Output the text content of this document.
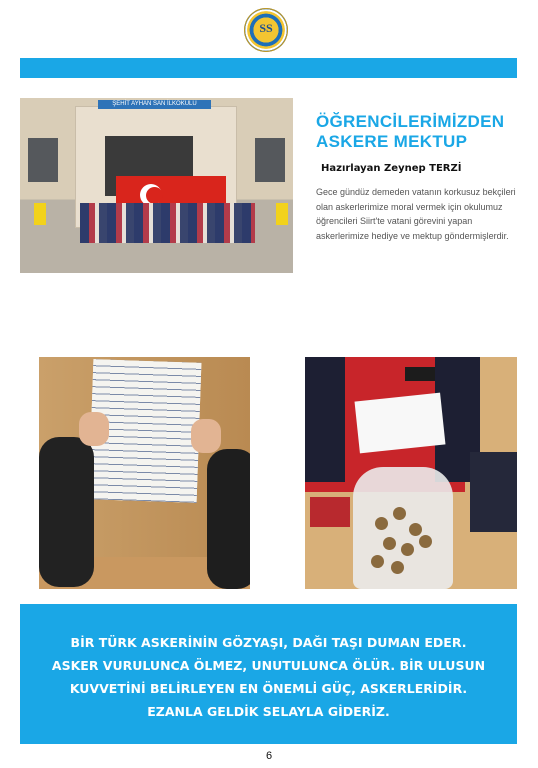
SS
ŞEHİT AYHAN SAN İLKOKULU
ÖĞRENCİLERİMİZDEN
ASKERE MEKTUP
Hazırlayan Zeynep TERZİ
Gece gündüz demeden vatanın korkusuz bekçileri olan askerlerimize moral vermek için okulumuz öğrencileri Siirt'te vatani görevini yapan askerlerimize hediye ve mektup göndermişlerdir.

BİR TÜRK ASKERİNİN GÖZYAŞI, DAĞI TAŞI DUMAN EDER. ASKER VURULUNCA ÖLMEZ, UNUTULUNCA ÖLÜR. BİR ULUSUN KUVVETİNİ BELİRLEYEN EN ÖNEMLİ GÜÇ, ASKERLERİDİR. EZANLA GELDİK SELAYLA GİDERİZ.

6
